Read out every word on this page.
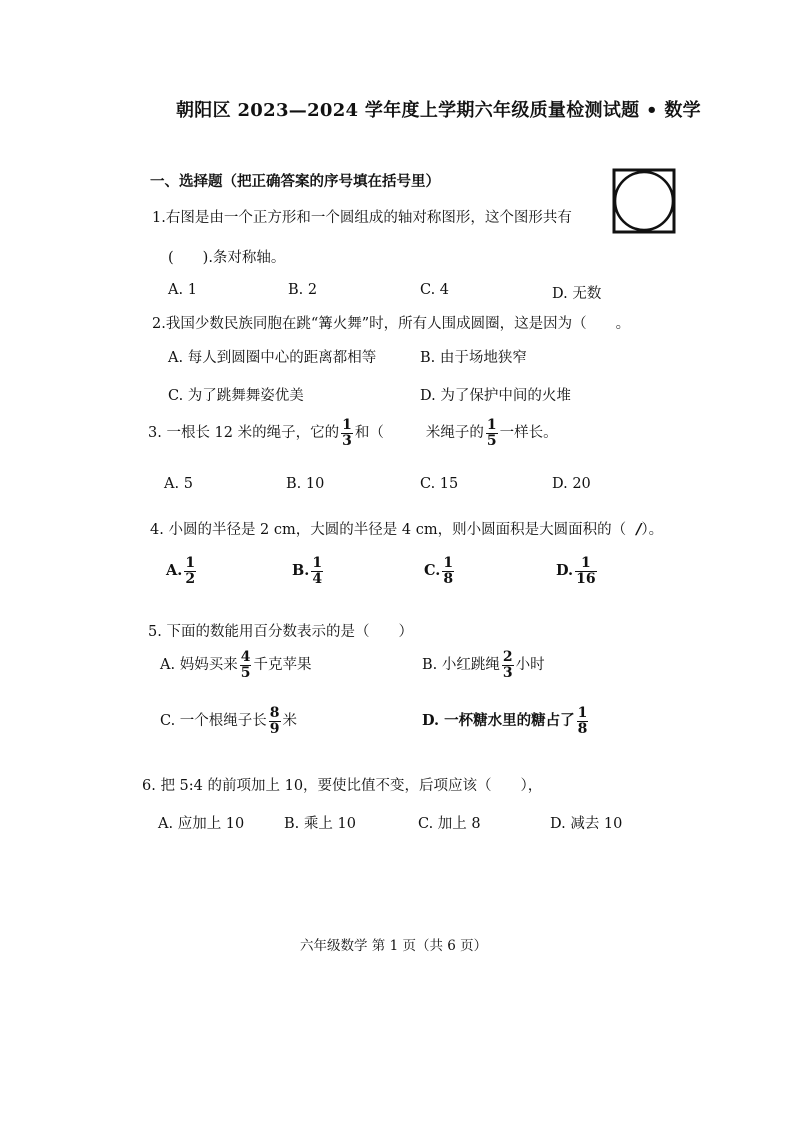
朝阳区 2023—2024 学年度上学期六年级质量检测试题 • 数学
一、选择题（把正确答案的序号填在括号里）
1.右图是由一个正方形和一个圆组成的轴对称图形，这个图形共有
(　　).条对称轴。
A. 1	B. 2	C. 4	D. 无数
2.我国少数民族同胞在跳“篝火舞”时，所有人围成圆圈，这是因为（　　。
A. 每人到圆圈中心的距离都相等	B. 由于场地狭窄
C. 为了跳舞舞姿优美	D. 为了保护中间的火堆
3. 一根长 12 米的绳子，它的 $\frac{1}{3}$ 和（	米绳子的 $\frac{1}{5}$ 一样长。
A. 5	B. 10	C. 15	D. 20
4. 小圆的半径是 2 cm，大圆的半径是 4 cm，则小圆面积是大圆面积的（ /）。
A. $\frac{1}{2}$	B. $\frac{1}{4}$	C. $\frac{1}{8}$	D. $\frac{1}{16}$
5. 下面的数能用百分数表示的是（　　）
A. 妈妈买来 $\frac{4}{5}$ 千克苹果	B. 小红跳绳 $\frac{2}{3}$ 小时
C. 一个根绳子长 $\frac{8}{9}$ 米	D. 一杯糖水里的糖占了 $\frac{1}{8}$
6. 把 5:4 的前项加上 10，要使比值不变，后项应该（　　），
A. 应加上 10	B. 乘上 10	C. 加上 8	D. 减去 10
六年级数学 第 1 页（共 6 页）
